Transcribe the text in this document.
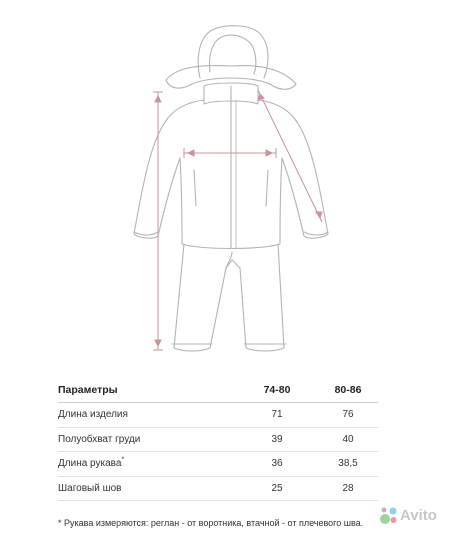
Параметры	74-80	80-86
Длина изделия	71	76
Полуобхват груди	39	40
Длина рукава*	36	38,5
Шаговый шов	25	28
* Рукава измеряются: реглан - от воротника, втачной - от плечевого шва. Avito
